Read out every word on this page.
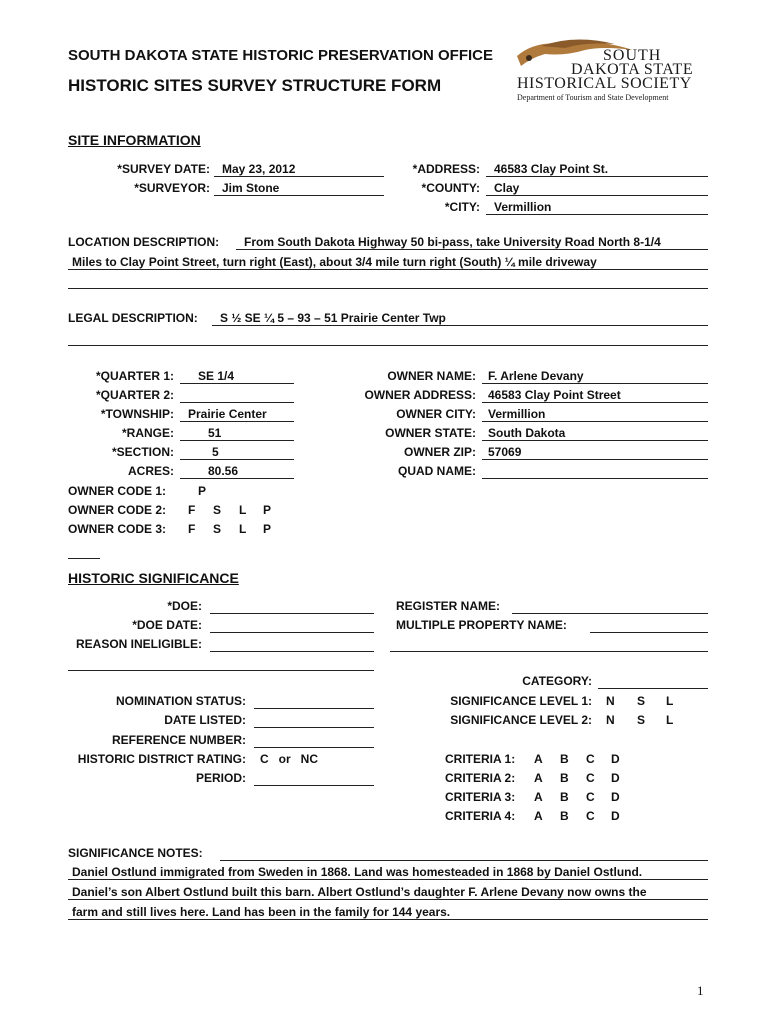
SOUTH DAKOTA STATE HISTORIC PRESERVATION OFFICE
HISTORIC SITES SURVEY STRUCTURE FORM
SOUTH
DAKOTA STATE
HISTORICAL SOCIETY
Department of Tourism and State Development
SITE INFORMATION
*SURVEY DATE: May 23, 2012
*SURVEYOR: Jim Stone
*ADDRESS: 46583 Clay Point St.
*COUNTY: Clay
*CITY: Vermillion
LOCATION DESCRIPTION: From South Dakota Highway 50 bi-pass, take University Road North 8-1/4
Miles to Clay Point Street, turn right (East), about 3/4 mile turn right (South) ¼ mile driveway
LEGAL DESCRIPTION: S ½ SE ¼ 5 – 93 – 51 Prairie Center Twp
*QUARTER 1: SE 1/4
*QUARTER 2:
*TOWNSHIP: Prairie Center
*RANGE:	51
*SECTION:	5
ACRES:	80.56
OWNER CODE 1:	P
OWNER CODE 2: F S L P
OWNER CODE 3: F S L P
OWNER NAME: F. Arlene Devany
OWNER ADDRESS: 46583 Clay Point Street
OWNER CITY: Vermillion
OWNER STATE: South Dakota
OWNER ZIP: 57069
QUAD NAME:
HISTORIC SIGNIFICANCE
*DOE:
*DOE DATE:
REASON INELIGIBLE:
REGISTER NAME:
MULTIPLE PROPERTY NAME:
CATEGORY:
NOMINATION STATUS:
DATE LISTED:
REFERENCE NUMBER:
HISTORIC DISTRICT RATING: C   or   NC
PERIOD:
SIGNIFICANCE LEVEL 1: N S L
SIGNIFICANCE LEVEL 2: N S L
CRITERIA 1: A B C D
CRITERIA 2: A B C D
CRITERIA 3: A B C D
CRITERIA 4: A B C D
SIGNIFICANCE NOTES:
Daniel Ostlund immigrated from Sweden in 1868. Land was homesteaded in 1868 by Daniel Ostlund.
Daniel’s son Albert Ostlund built this barn. Albert Ostlund’s daughter F. Arlene Devany now owns the
farm and still lives here. Land has been in the family for 144 years.
1
